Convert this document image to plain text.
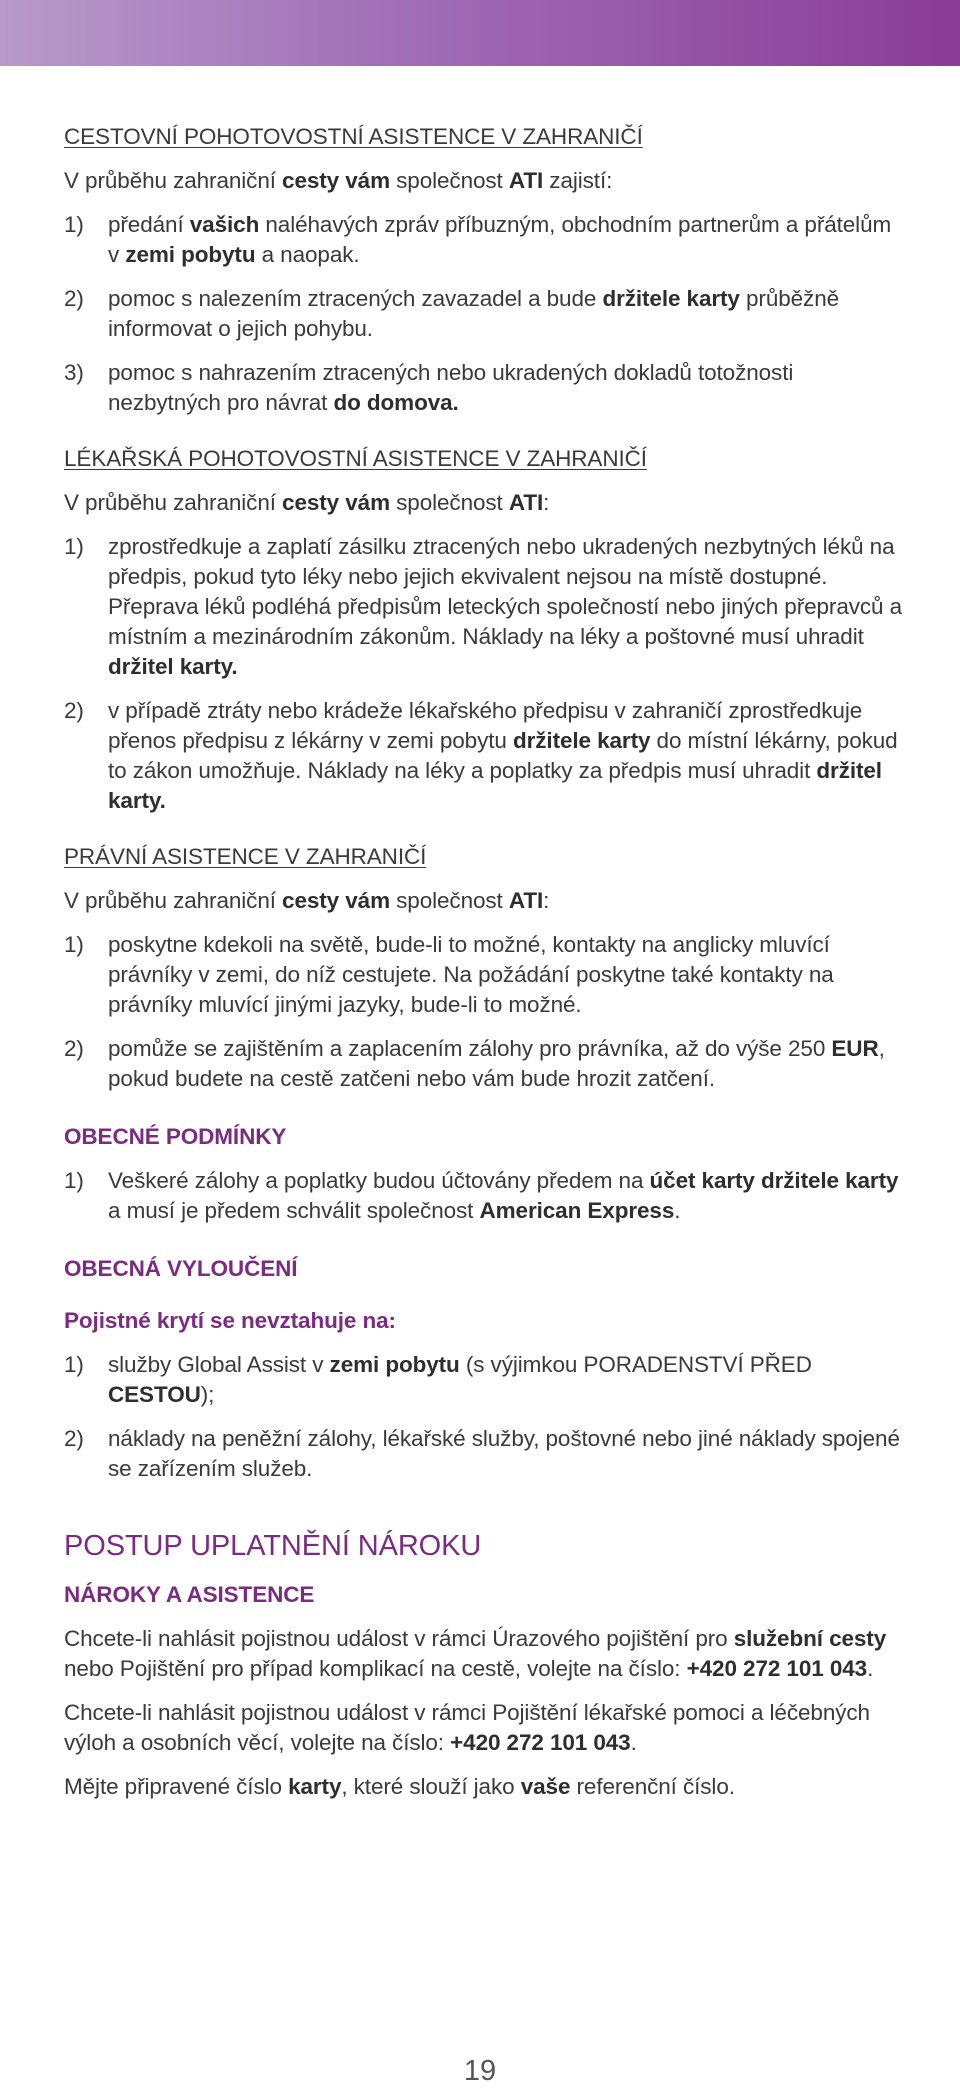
CESTOVNÍ POHOTOVOSTNÍ ASISTENCE V ZAHRANIČÍ
V průběhu zahraniční cesty vám společnost ATI zajistí:
1)	předání vašich naléhavých zpráv příbuzným, obchodním partnerům a přátelům v zemi pobytu a naopak.
2)	pomoc s nalezením ztracených zavazadel a bude držitele karty průběžně informovat o jejich pohybu.
3)	pomoc s nahrazením ztracených nebo ukradených dokladů totožnosti nezbytných pro návrat do domova.
LÉKAŘSKÁ POHOTOVOSTNÍ ASISTENCE V ZAHRANIČÍ
V průběhu zahraniční cesty vám společnost ATI:
1)	zprostředkuje a zaplatí zásilku ztracených nebo ukradených nezbytných léků na předpis, pokud tyto léky nebo jejich ekvivalent nejsou na místě dostupné. Přeprava léků podléhá předpisům leteckých společností nebo jiných přepravců a místním a mezinárodním zákonům. Náklady na léky a poštovné musí uhradit držitel karty.
2)	v případě ztráty nebo krádeže lékařského předpisu v zahraničí zprostředkuje přenos předpisu z lékárny v zemi pobytu držitele karty do místní lékárny, pokud to zákon umožňuje. Náklady na léky a poplatky za předpis musí uhradit držitel karty.
PRÁVNÍ ASISTENCE V ZAHRANIČÍ
V průběhu zahraniční cesty vám společnost ATI:
1)	poskytne kdekoli na světě, bude-li to možné, kontakty na anglicky mluvící právníky v zemi, do níž cestujete. Na požádání poskytne také kontakty na právníky mluvící jinými jazyky, bude-li to možné.
2)	pomůže se zajištěním a zaplacením zálohy pro právníka, až do výše 250 EUR, pokud budete na cestě zatčeni nebo vám bude hrozit zatčení.
OBECNÉ PODMÍNKY
1)	Veškeré zálohy a poplatky budou účtovány předem na účet karty držitele karty a musí je předem schválit společnost American Express.
OBECNÁ VYLOUČENÍ
Pojistné krytí se nevztahuje na:
1)	služby Global Assist v zemi pobytu (s výjimkou PORADENSTVÍ PŘED CESTOU);
2)	náklady na peněžní zálohy, lékařské služby, poštovné nebo jiné náklady spojené se zařízením služeb.
POSTUP UPLATNĚNÍ NÁROKU
NÁROKY A ASISTENCE
Chcete-li nahlásit pojistnou událost v rámci Úrazového pojištění pro služební cesty nebo Pojištění pro případ komplikací na cestě, volejte na číslo: +420 272 101 043.
Chcete-li nahlásit pojistnou událost v rámci Pojištění lékařské pomoci a léčebných výloh a osobních věcí, volejte na číslo: +420 272 101 043.
Mějte připravené číslo karty, které slouží jako vaše referenční číslo.
19
